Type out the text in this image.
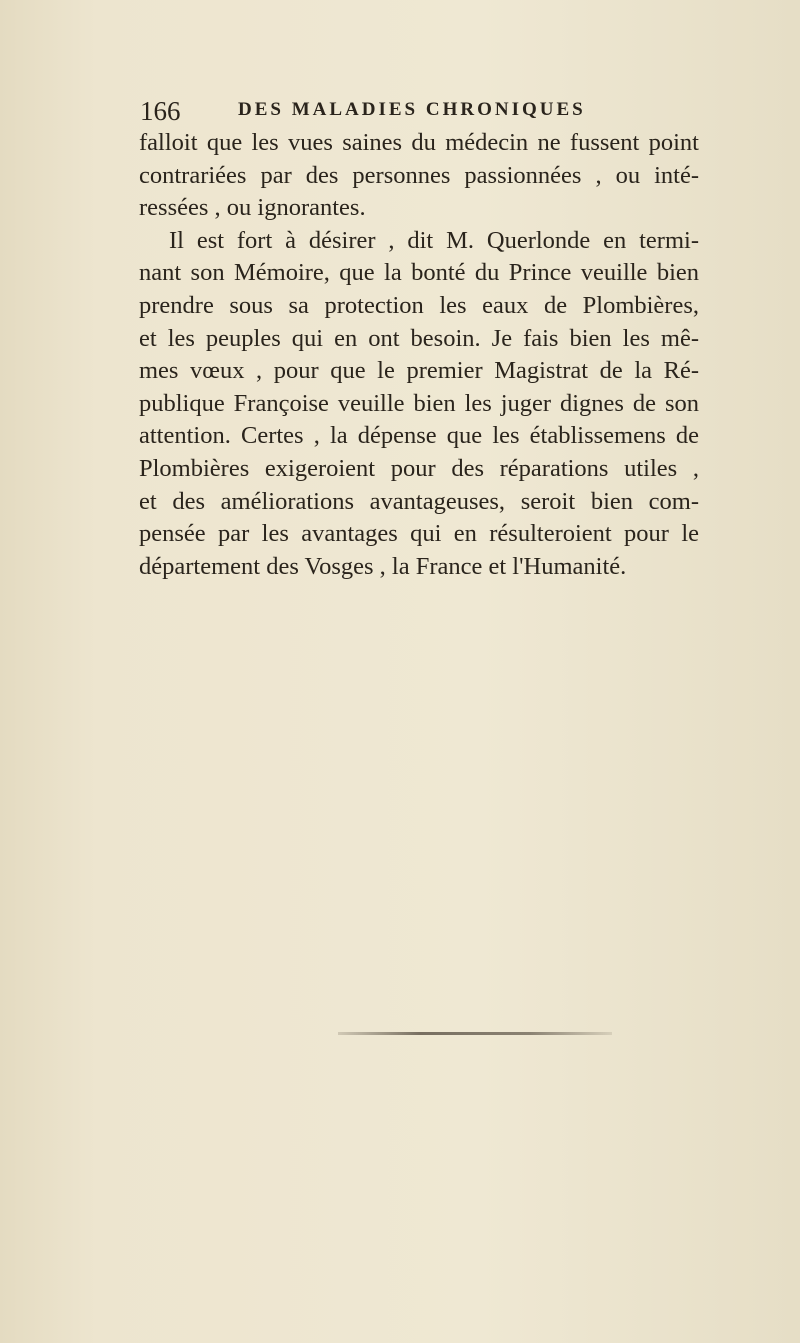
166	DES MALADIES CHRONIQUES
falloit que les vues saines du médecin ne fussent point
contrariées par des personnes passionnées , ou inté-
ressées , ou ignorantes.
Il est fort à désirer , dit M. Querlonde en termi-
nant son Mémoire, que la bonté du Prince veuille bien
prendre sous sa protection les eaux de Plombières,
et les peuples qui en ont besoin. Je fais bien les mê-
mes vœux , pour que le premier Magistrat de la Ré-
publique Françoise veuille bien les juger dignes de son
attention. Certes , la dépense que les établissemens de
Plombières exigeroient pour des réparations utiles ,
et des améliorations avantageuses, seroit bien com-
pensée par les avantages qui en résulteroient pour le
département des Vosges , la France et l'Humanité.
